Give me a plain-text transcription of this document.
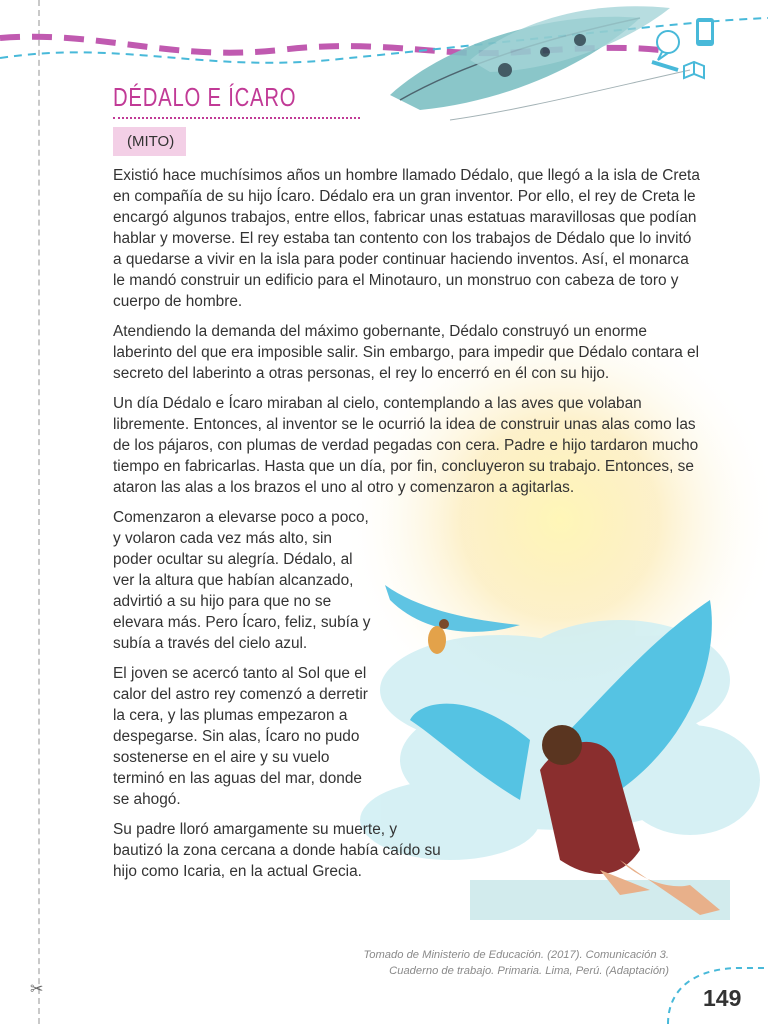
✂
DÉDALO E ÍCARO
(MITO)

Existió hace muchísimos años un hombre llamado Dédalo, que llegó a la isla de Creta en compañía de su hijo Ícaro. Dédalo era un gran inventor. Por ello, el rey de Creta le encargó algunos trabajos, entre ellos, fabricar unas estatuas maravillosas que podían hablar y moverse. El rey estaba tan contento con los trabajos de Dédalo que lo invitó a quedarse a vivir en la isla para poder continuar haciendo inventos. Así, el monarca le mandó construir un edificio para el Minotauro, un monstruo con cabeza de toro y cuerpo de hombre.

Atendiendo la demanda del máximo gobernante, Dédalo construyó un enorme laberinto del que era imposible salir. Sin embargo, para impedir que Dédalo contara el secreto del laberinto a otras personas, el rey lo encerró en él con su hijo.

Un día Dédalo e Ícaro miraban al cielo, contemplando a las aves que volaban libremente. Entonces, al inventor se le ocurrió la idea de construir unas alas como las de los pájaros, con plumas de verdad pegadas con cera. Padre e hijo tardaron mucho tiempo en fabricarlas. Hasta que un día, por fin, concluyeron su trabajo. Entonces, se ataron las alas a los brazos el uno al otro y comenzaron a agitarlas.

Comenzaron a elevarse poco a poco, y volaron cada vez más alto, sin poder ocultar su alegría. Dédalo, al ver la altura que habían alcanzado, advirtió a su hijo para que no se elevara más. Pero Ícaro, feliz, subía y subía a través del cielo azul.

El joven se acercó tanto al Sol que el calor del astro rey comenzó a derretir la cera, y las plumas empezaron a despegarse. Sin alas, Ícaro no pudo sostenerse en el aire y su vuelo terminó en las aguas del mar, donde se ahogó.

Su padre lloró amargamente su muerte, y bautizó la zona cercana a donde había caído su hijo como Icaria, en la actual Grecia.

Tomado de Ministerio de Educación. (2017). Comunicación 3.
Cuaderno de trabajo. Primaria. Lima, Perú. (Adaptación)
149
